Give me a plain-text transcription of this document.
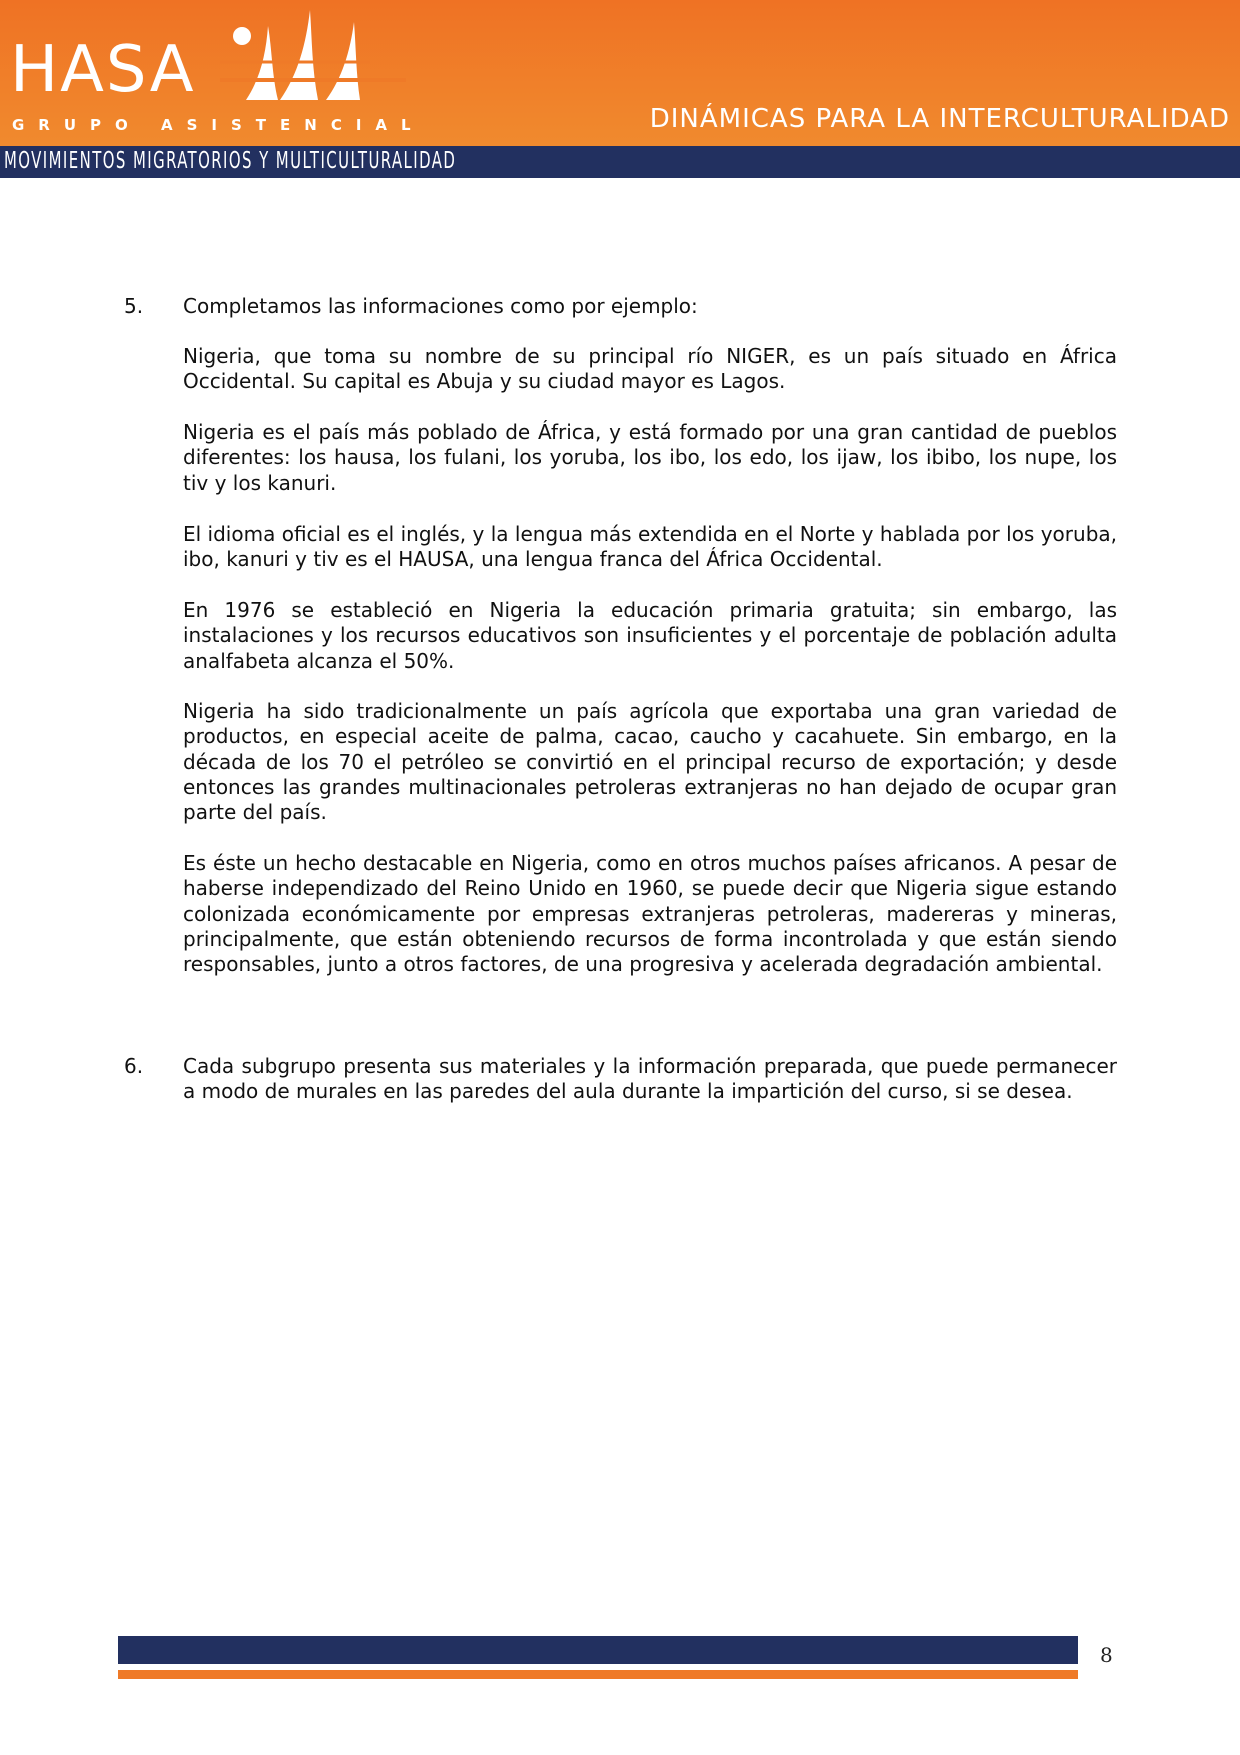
HASA
GRUPO ASISTENCIAL	DINÁMICAS PARA LA INTERCULTURALIDAD
MOVIMIENTOS MIGRATORIOS Y MULTICULTURALIDAD
5. Completamos las informaciones como por ejemplo:

Nigeria, que toma su nombre de su principal río NIGER, es un país situado en África Occidental. Su capital es Abuja y su ciudad mayor es Lagos.

Nigeria es el país más poblado de África, y está formado por una gran cantidad de pueblos diferentes: los hausa, los fulani, los yoruba, los ibo, los edo, los ijaw, los ibibo, los nupe, los tiv y los kanuri.

El idioma oficial es el inglés, y la lengua más extendida en el Norte y hablada por los yoruba, ibo, kanuri y tiv es el HAUSA, una lengua franca del África Occidental.

En 1976 se estableció en Nigeria la educación primaria gratuita; sin embargo, las instalaciones y los recursos educativos son insuficientes y el porcentaje de población adulta analfabeta alcanza el 50%.

Nigeria ha sido tradicionalmente un país agrícola que exportaba una gran variedad de productos, en especial aceite de palma, cacao, caucho y cacahuete. Sin embargo, en la década de los 70 el petróleo se convirtió en el principal recurso de exportación; y desde entonces las grandes multinacionales petroleras extranjeras no han dejado de ocupar gran parte del país.

Es éste un hecho destacable en Nigeria, como en otros muchos países africanos. A pesar de haberse independizado del Reino Unido en 1960, se puede decir que Nigeria sigue estando colonizada económicamente por empresas extranjeras petroleras, madereras y mineras, principalmente, que están obteniendo recursos de forma incontrolada y que están siendo responsables, junto a otros factores, de una progresiva y acelerada degradación ambiental.

6. Cada subgrupo presenta sus materiales y la información preparada, que puede permanecer a modo de murales en las paredes del aula durante la impartición del curso, si se desea.

8
